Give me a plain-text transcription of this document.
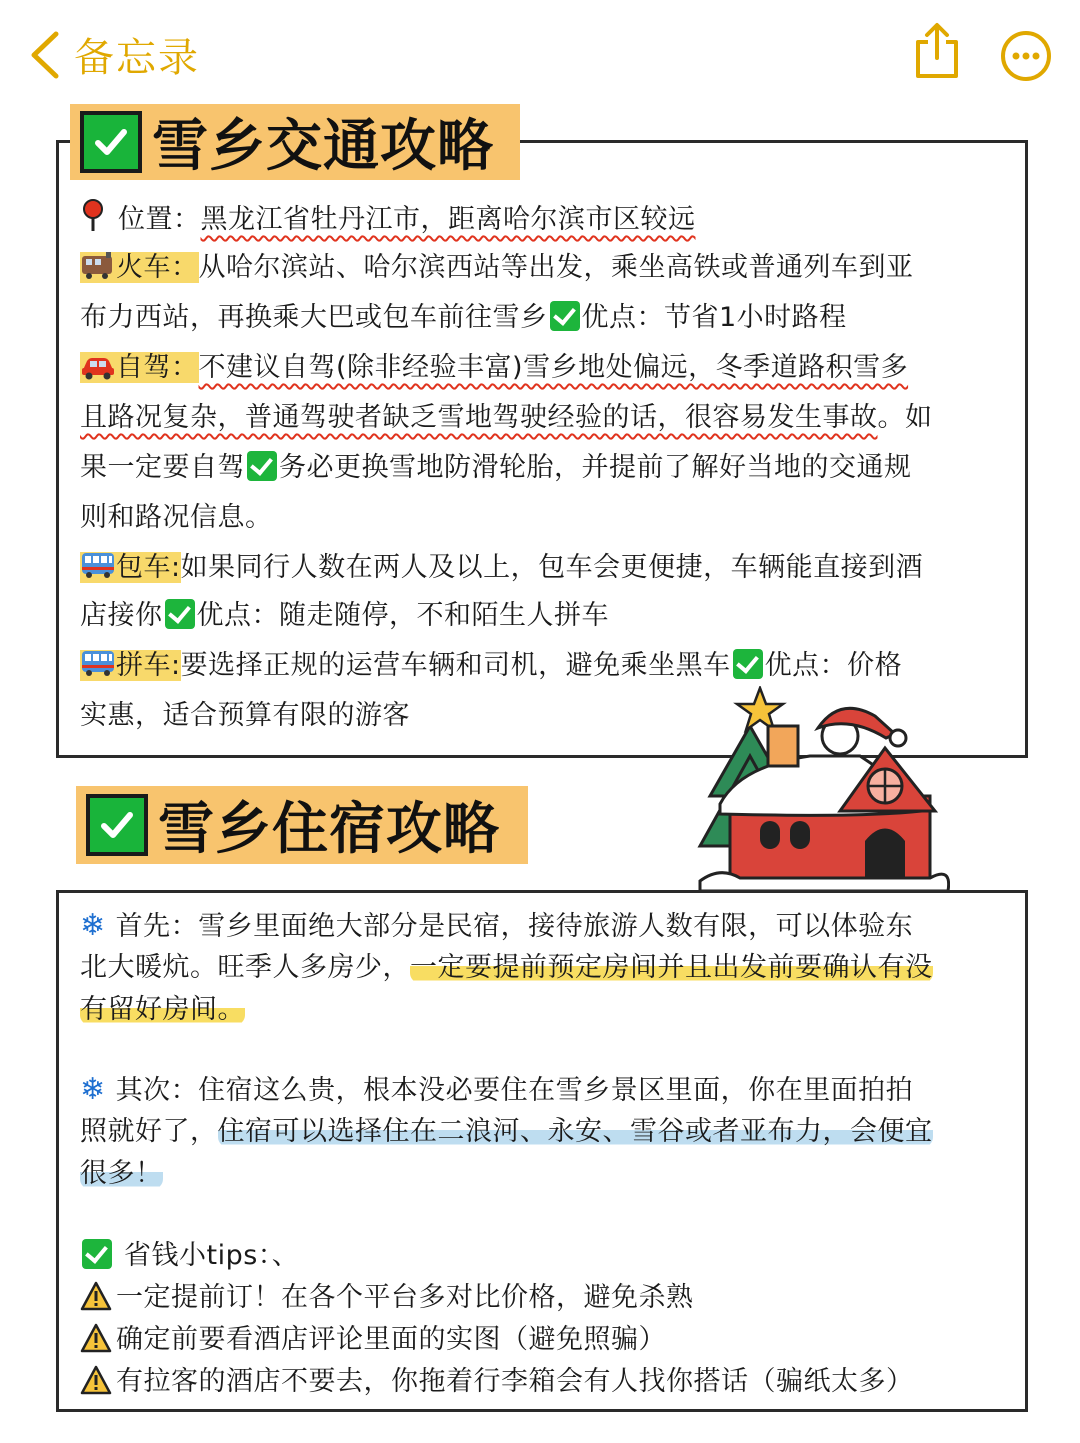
备忘录
雪乡交通攻略
位置：黑龙江省牡丹江市，距离哈尔滨市区较远
火车：从哈尔滨站、哈尔滨西站等出发，乘坐高铁或普通列车到亚
布力西站，再换乘大巴或包车前往雪乡 优点：节省1小时路程
自驾：不建议自驾(除非经验丰富)雪乡地处偏远，冬季道路积雪多
且路况复杂，普通驾驶者缺乏雪地驾驶经验的话，很容易发生事故。如
果一定要自驾 务必更换雪地防滑轮胎，并提前了解好当地的交通规
则和路况信息。
包车:如果同行人数在两人及以上，包车会更便捷，车辆能直接到酒
店接你 优点：随走随停，不和陌生人拼车
拼车:要选择正规的运营车辆和司机，避免乘坐黑车 优点：价格
实惠，适合预算有限的游客
雪乡住宿攻略
❄ 首先：雪乡里面绝大部分是民宿，接待旅游人数有限，可以体验东
北大暖炕。旺季人多房少，一定要提前预定房间并且出发前要确认有没
有留好房间。
❄ 其次：住宿这么贵，根本没必要住在雪乡景区里面，你在里面拍拍
照就好了，住宿可以选择住在二浪河、永安、雪谷或者亚布力，会便宜
很多！
省钱小tips：、
一定提前订！在各个平台多对比价格，避免杀熟
确定前要看酒店评论里面的实图（避免照骗）
有拉客的酒店不要去，你拖着行李箱会有人找你搭话（骗纸太多）
